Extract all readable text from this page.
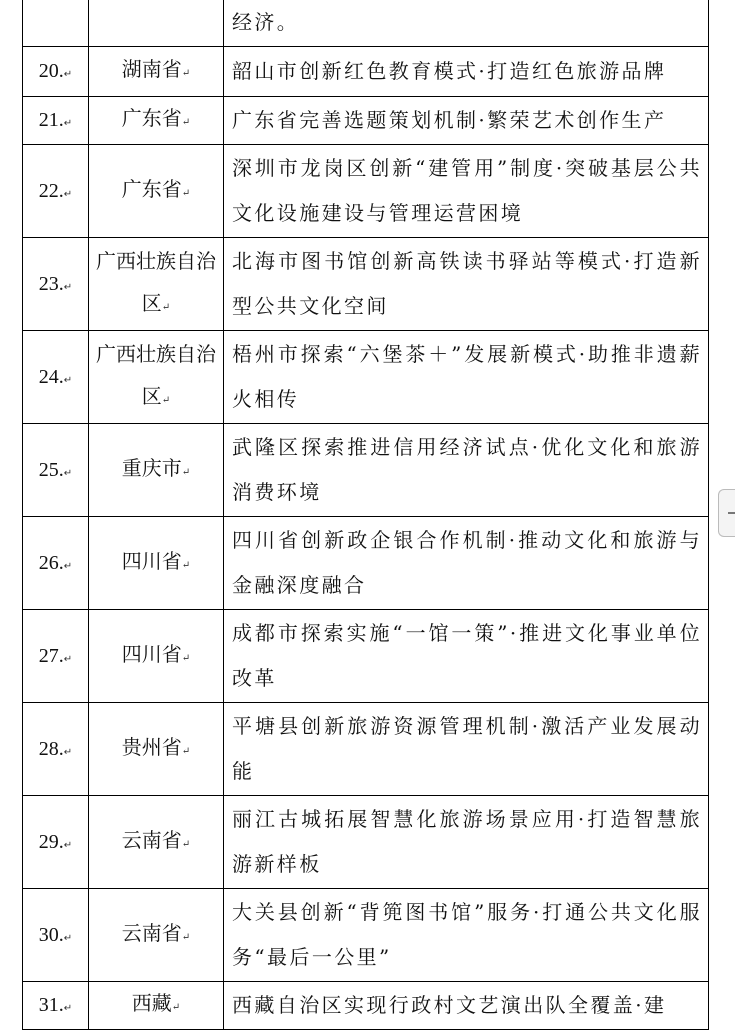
		经济。

20.↵	湖南省↵	韶山市创新红色教育模式·打造红色旅游品牌
21.↵	广东省↵	广东省完善选题策划机制·繁荣艺术创作生产
22.↵	广东省↵	深圳市龙岗区创新“建管用”制度·突破基层公共文化设施建设与管理运营困境
23.↵	广西壮族自治区↵	北海市图书馆创新高铁读书驿站等模式·打造新型公共文化空间
24.↵	广西壮族自治区↵	梧州市探索“六堡茶＋”发展新模式·助推非遗薪火相传
25.↵	重庆市↵	武隆区探索推进信用经济试点·优化文化和旅游消费环境
26.↵	四川省↵	四川省创新政企银合作机制·推动文化和旅游与金融深度融合
27.↵	四川省↵	成都市探索实施“一馆一策”·推进文化事业单位改革
28.↵	贵州省↵	平塘县创新旅游资源管理机制·激活产业发展动能
29.↵	云南省↵	丽江古城拓展智慧化旅游场景应用·打造智慧旅游新样板
30.↵	云南省↵	大关县创新“背篼图书馆”服务·打通公共文化服务“最后一公里”
31.↵	西藏↵	西藏自治区实现行政村文艺演出队全覆盖·建
